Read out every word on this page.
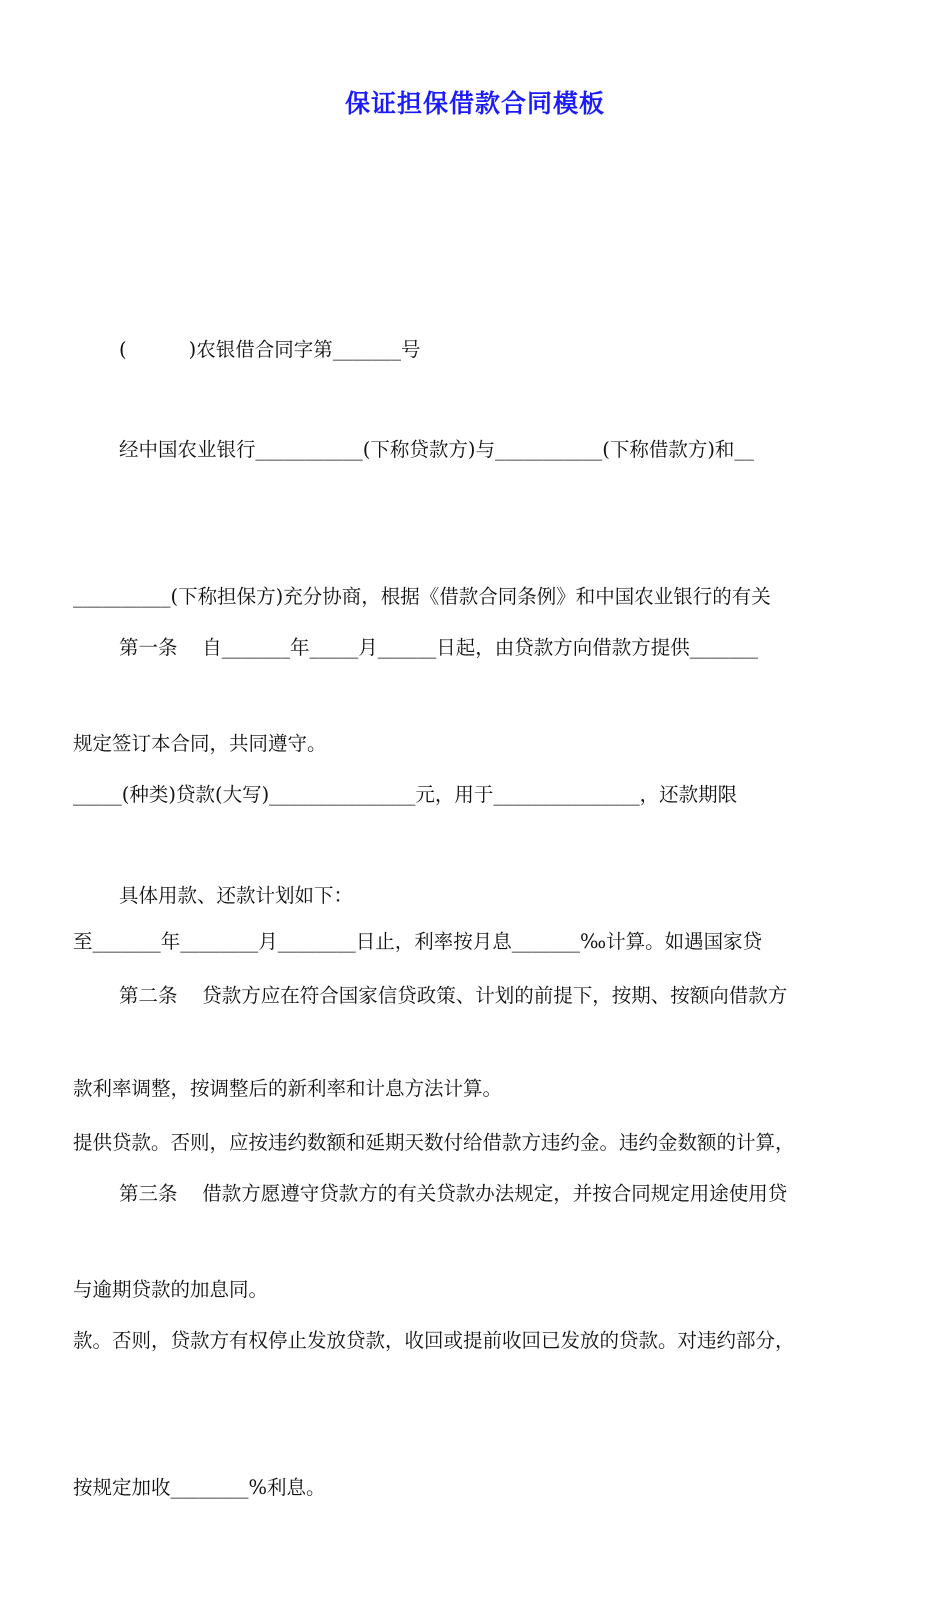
保证担保借款合同模板

(          )农银借合同字第_______号

经中国农业银行___________(下称贷款方)与___________(下称借款方)和__

__________(下称担保方)充分协商，根据《借款合同条例》和中国农业银行的有关

规定签订本合同，共同遵守。

第一条    自_______年_____月______日起，由贷款方向借款方提供_______

_____(种类)贷款(大写)_______________元，用于_______________，还款期限

至_______年________月________日止，利率按月息_______‰计算。如遇国家贷

款利率调整，按调整后的新利率和计息方法计算。

具体用款、还款计划如下：

第二条    贷款方应在符合国家信贷政策、计划的前提下，按期、按额向借款方

提供贷款。否则，应按违约数额和延期天数付给借款方违约金。违约金数额的计算，

与逾期贷款的加息同。

第三条    借款方愿遵守贷款方的有关贷款办法规定，并按合同规定用途使用贷

款。否则，贷款方有权停止发放贷款，收回或提前收回已发放的贷款。对违约部分，

按规定加收________%利息。
